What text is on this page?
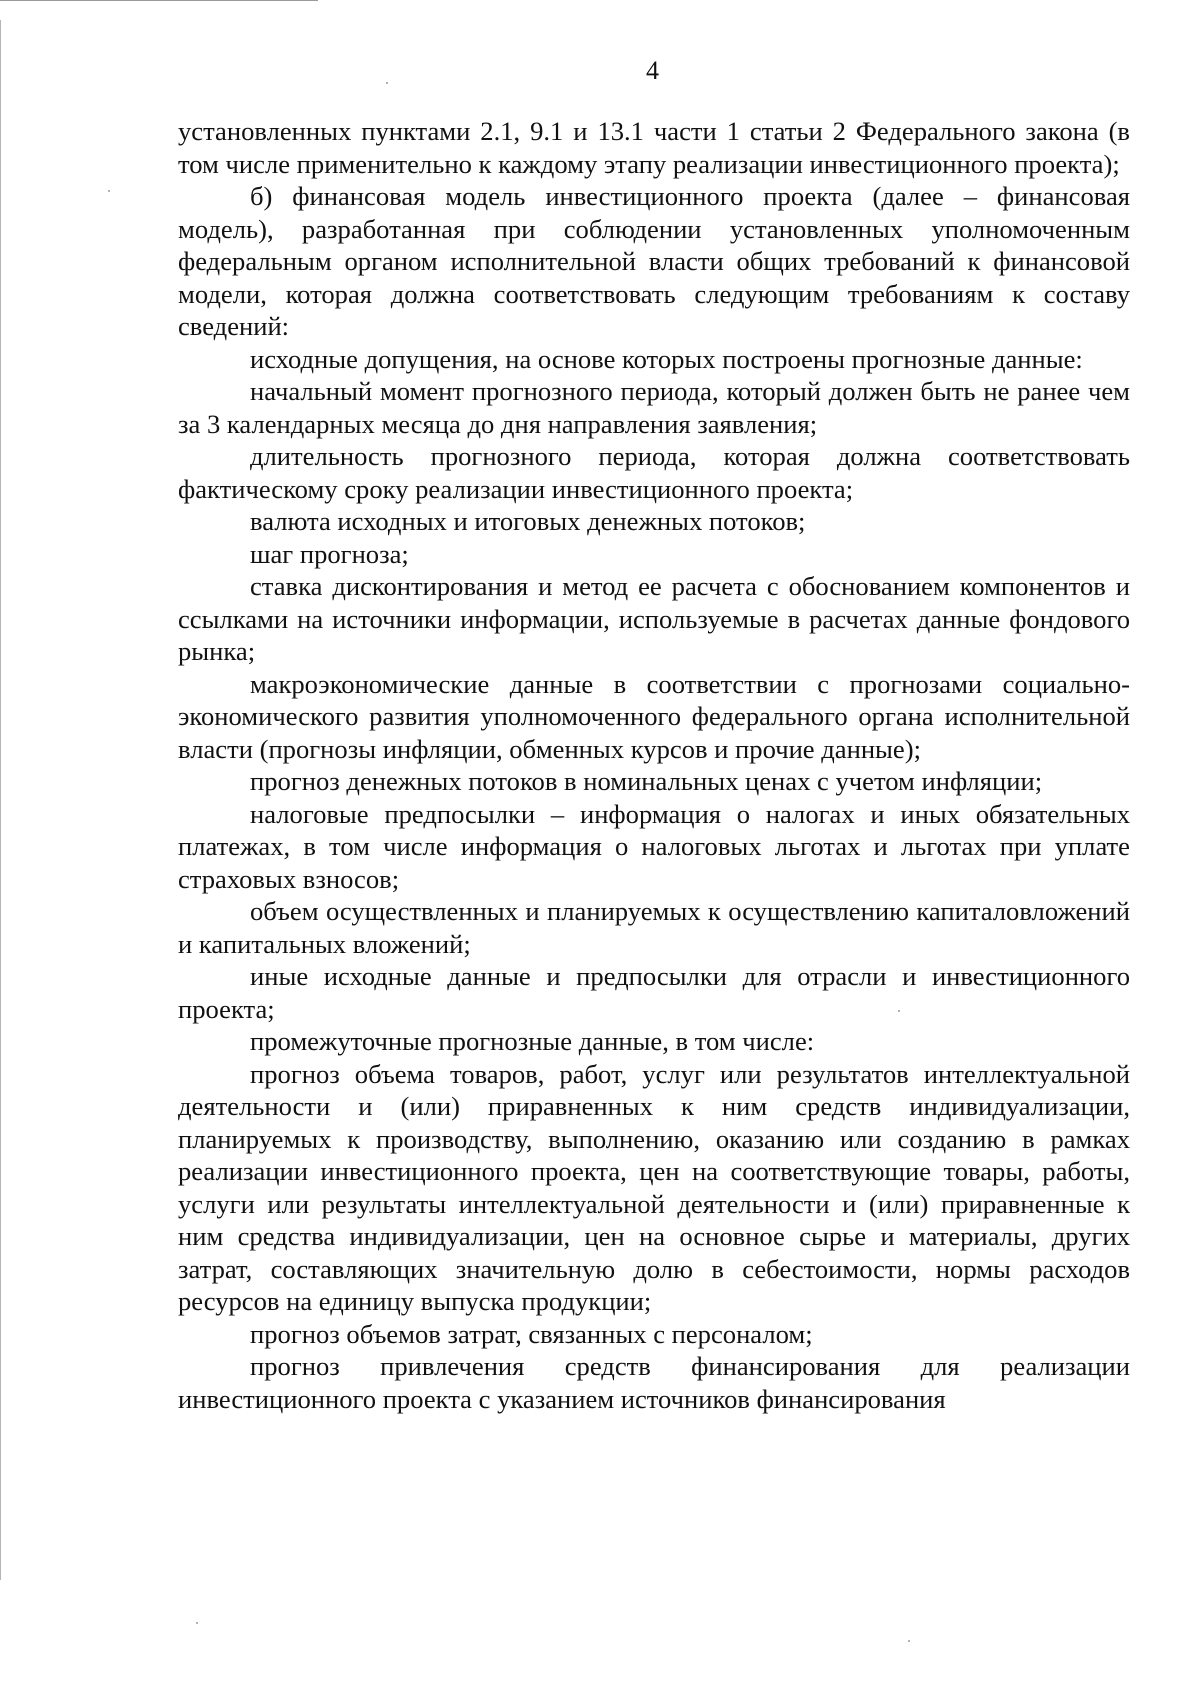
4

установленных пунктами 2.1, 9.1 и 13.1 части 1 статьи 2 Федерального закона (в том числе применительно к каждому этапу реализации инвестиционного проекта);

б) финансовая модель инвестиционного проекта (далее – финансовая модель), разработанная при соблюдении установленных уполномоченным федеральным органом исполнительной власти общих требований к финансовой модели, которая должна соответствовать следующим требованиям к составу сведений:

исходные допущения, на основе которых построены прогнозные данные:

начальный момент прогнозного периода, который должен быть не ранее чем за 3 календарных месяца до дня направления заявления;

длительность прогнозного периода, которая должна соответствовать фактическому сроку реализации инвестиционного проекта;

валюта исходных и итоговых денежных потоков;

шаг прогноза;

ставка дисконтирования и метод ее расчета с обоснованием компонентов и ссылками на источники информации, используемые в расчетах данные фондового рынка;

макроэкономические данные в соответствии с прогнозами социально-экономического развития уполномоченного федерального органа исполнительной власти (прогнозы инфляции, обменных курсов и прочие данные);

прогноз денежных потоков в номинальных ценах с учетом инфляции;

налоговые предпосылки – информация о налогах и иных обязательных платежах, в том числе информация о налоговых льготах и льготах при уплате страховых взносов;

объем осуществленных и планируемых к осуществлению капиталовложений и капитальных вложений;

иные исходные данные и предпосылки для отрасли и инвестиционного проекта;

промежуточные прогнозные данные, в том числе:

прогноз объема товаров, работ, услуг или результатов интеллектуальной деятельности и (или) приравненных к ним средств индивидуализации, планируемых к производству, выполнению, оказанию или созданию в рамках реализации инвестиционного проекта, цен на соответствующие товары, работы, услуги или результаты интеллектуальной деятельности и (или) приравненные к ним средства индивидуализации, цен на основное сырье и материалы, других затрат, составляющих значительную долю в себестоимости, нормы расходов ресурсов на единицу выпуска продукции;

прогноз объемов затрат, связанных с персоналом;

прогноз привлечения средств финансирования для реализации инвестиционного проекта с указанием источников финансирования
